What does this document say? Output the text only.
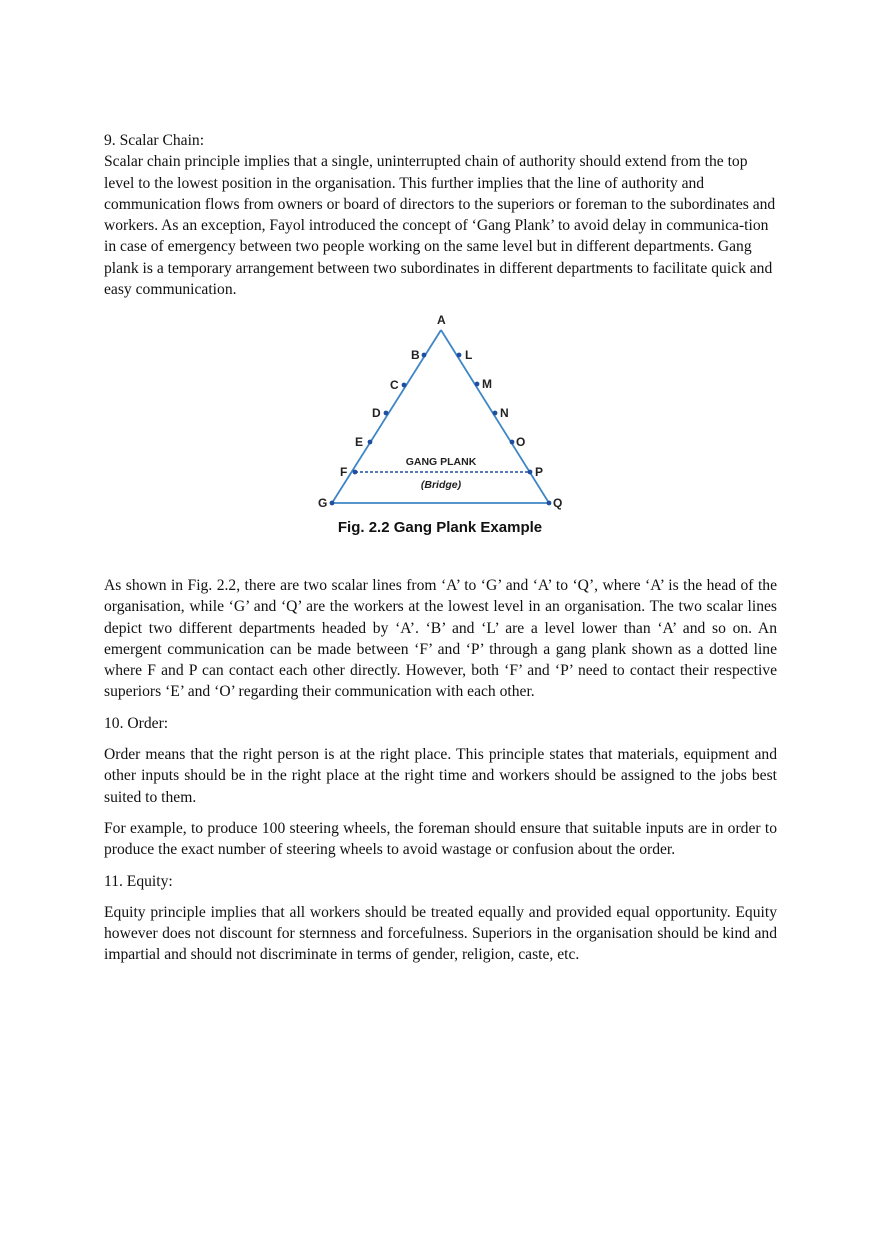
9. Scalar Chain:

Scalar chain principle implies that a single, uninterrupted chain of authority should extend from the top level to the lowest position in the organisation. This further implies that the line of authority and communication flows from owners or board of directors to the superiors or foreman to the subordinates and workers. As an exception, Fayol introduced the concept of ‘Gang Plank’ to avoid delay in communica-tion in case of emergency between two people working on the same level but in different departments. Gang plank is a temporary arrangement between two subordinates in different departments to facilitate quick and easy communication.

A
B
C
D
E
F
G
L
M
N
O
P
Q
GANG PLANK
(Bridge)
Fig. 2.2 Gang Plank Example

As shown in Fig. 2.2, there are two scalar lines from ‘A’ to ‘G’ and ‘A’ to ‘Q’, where ‘A’ is the head of the organisation, while ‘G’ and ‘Q’ are the workers at the lowest level in an organisation. The two scalar lines depict two different departments headed by ‘A’. ‘B’ and ‘L’ are a level lower than ‘A’ and so on. An emergent communication can be made between ‘F’ and ‘P’ through a gang plank shown as a dotted line where F and P can contact each other directly. However, both ‘F’ and ‘P’ need to contact their respective superiors ‘E’ and ‘O’ regarding their communication with each other.

10. Order:

Order means that the right person is at the right place. This principle states that materials, equipment and other inputs should be in the right place at the right time and workers should be assigned to the jobs best suited to them.

For example, to produce 100 steering wheels, the foreman should ensure that suitable inputs are in order to produce the exact number of steering wheels to avoid wastage or confusion about the order.

11. Equity:

Equity principle implies that all workers should be treated equally and provided equal opportunity. Equity however does not discount for sternness and forcefulness. Superiors in the organisation should be kind and impartial and should not discriminate in terms of gender, religion, caste, etc.
